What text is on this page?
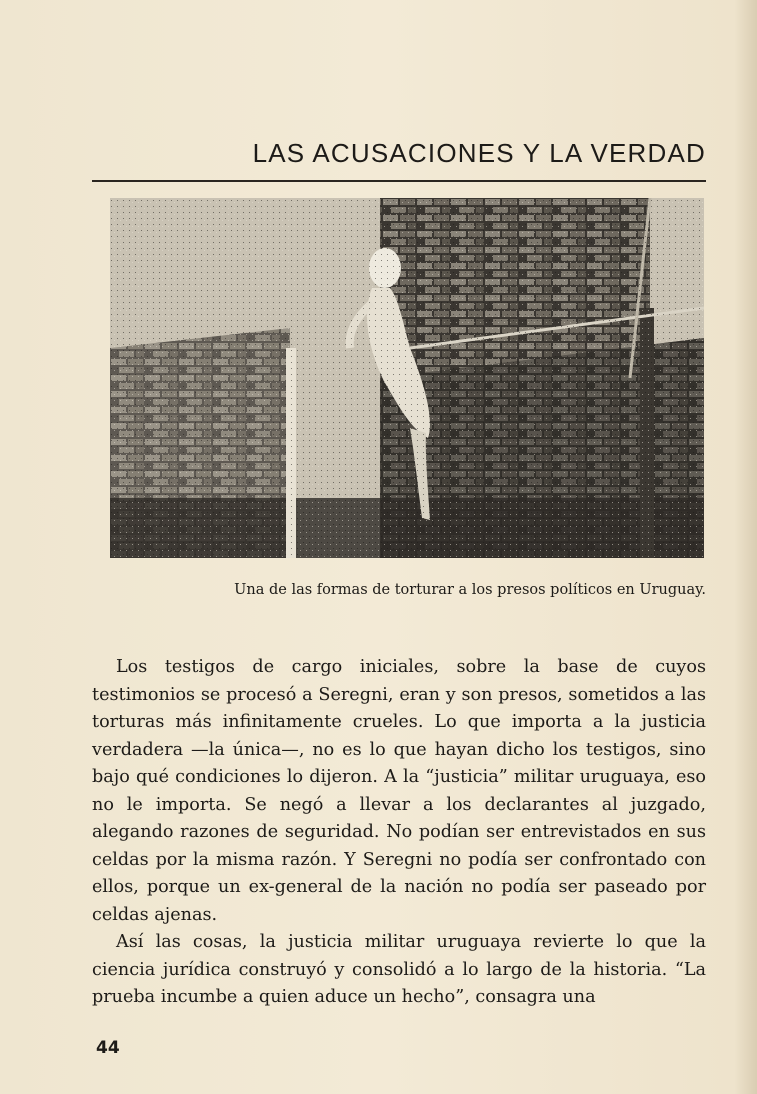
LAS ACUSACIONES Y LA VERDAD
Una de las formas de torturar a los presos políticos en Uruguay.

Los testigos de cargo iniciales, sobre la base de cuyos testimonios se procesó a Seregni, eran y son presos, sometidos a las torturas más infinitamente crueles. Lo que importa a la justicia verdadera —la única—, no es lo que hayan dicho los testigos, sino bajo qué condiciones lo dijeron. A la “justicia” militar uruguaya, eso no le importa. Se negó a llevar a los declarantes al juzgado, alegando razones de seguridad. No podían ser entrevistados en sus celdas por la misma razón. Y Seregni no podía ser confrontado con ellos, porque un ex-general de la nación no podía ser paseado por celdas ajenas.

Así las cosas, la justicia militar uruguaya revierte lo que la ciencia jurídica construyó y consolidó a lo largo de la historia. “La prueba incumbe a quien aduce un hecho”, consagra una

44
